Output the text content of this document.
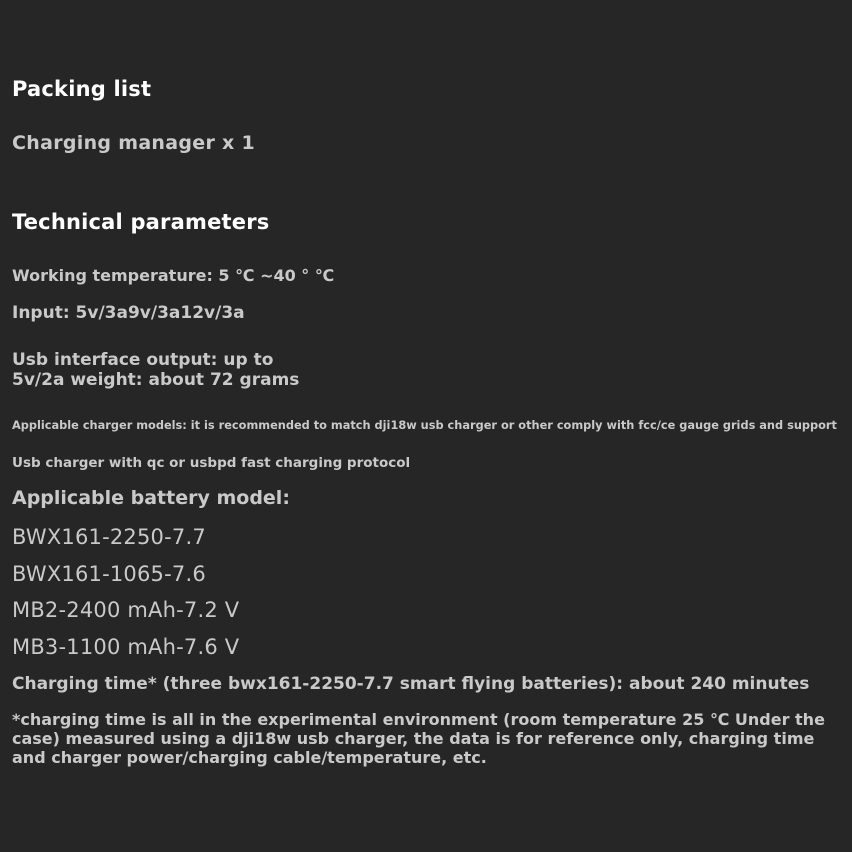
Packing list
Charging manager x 1
Technical parameters
Working temperature: 5 ℃ ~40 ° ℃
Input: 5v/3a9v/3a12v/3a
Usb interface output: up to
5v/2a weight: about 72 grams
Applicable charger models: it is recommended to match dji18w usb charger or other comply with fcc/ce gauge grids and support
Usb charger with qc or usbpd fast charging protocol
Applicable battery model:
BWX161-2250-7.7
BWX161-1065-7.6
MB2-2400 mAh-7.2 V
MB3-1100 mAh-7.6 V
Charging time* (three bwx161-2250-7.7 smart flying batteries): about 240 minutes
*charging time is all in the experimental environment (room temperature 25 ℃ Under the case) measured using a dji18w usb charger, the data is for reference only, charging time and charger power/charging cable/temperature, etc.
